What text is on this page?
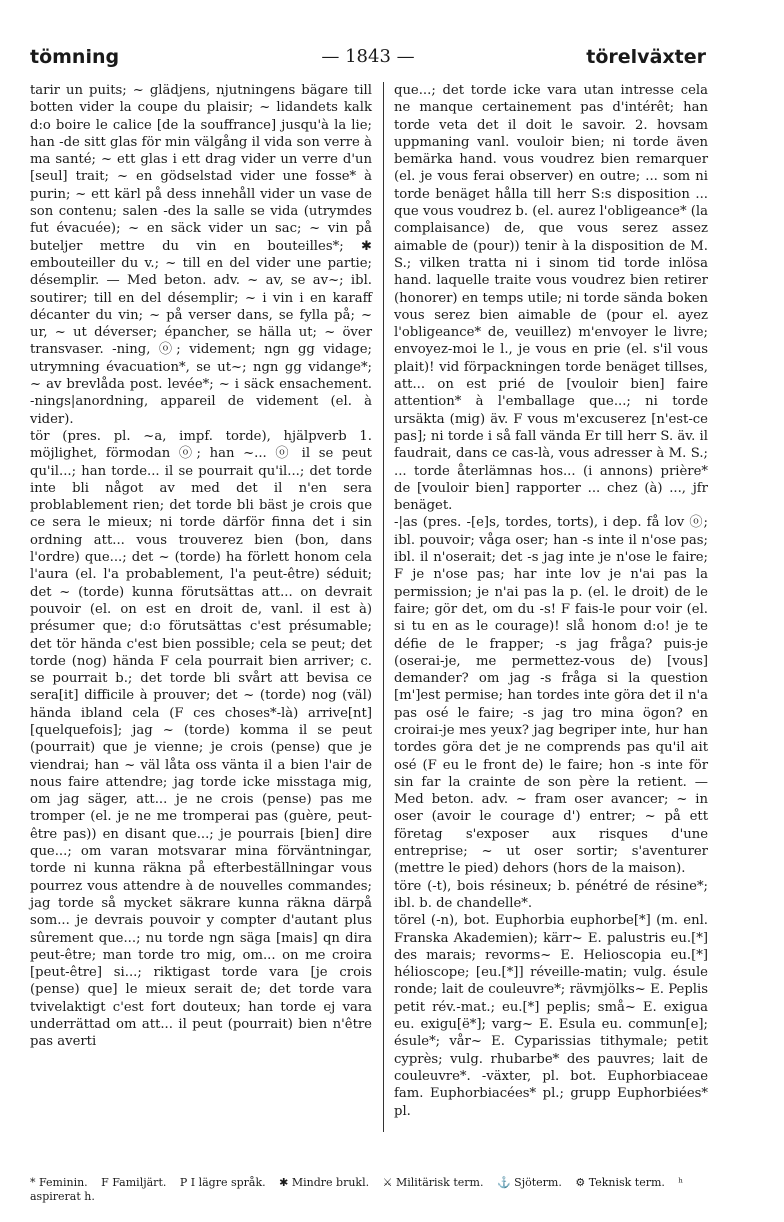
tömning	— 1843 —	törelväxter

tarir un puits; ~ glädjens, njutningens bägare till botten vider la coupe du plaisir; ~ lidandets kalk d:o boire le calice [de la souffrance] jusqu'à la lie; han -de sitt glas för min välgång il vida son verre à ma santé; ~ ett glas i ett drag vider un verre d'un [seul] trait; ~ en gödselstad vider une fosse* à purin; ~ ett kärl på dess innehåll vider un vase de son contenu; salen -des la salle se vida (utrymdes fut évacuée); ~ en säck vider un sac; ~ vin på buteljer mettre du vin en bouteilles*; ✱ embouteiller du v.; ~ till en del vider une partie; désemplir. — Med beton. adv. ~ av, se av~; ibl. soutirer; till en del désemplir; ~ i vin i en karaff décanter du vin; ~ på verser dans, se fylla på; ~ ur, ~ ut déverser; épancher, se hälla ut; ~ över transvaser. -ning, ⓞ; videment; ngn gg vidage; utrymning évacuation*, se ut~; ngn gg vidange*; ~ av brevlåda post. levée*; ~ i säck ensachement. -nings|anordning, appareil de videment (el. à vider).

tör (pres. pl. ~a, impf. torde), hjälpverb 1. möjlighet, förmodan ⓞ; han ~... ⓞ il se peut qu'il...; han torde... il se pourrait qu'il...; det torde inte bli något av med det il n'en sera problablement rien; det torde bli bäst je crois que ce sera le mieux; ni torde därför finna det i sin ordning att... vous trouverez bien (bon, dans l'ordre) que...; det ~ (torde) ha förlett honom cela l'aura (el. l'a probablement, l'a peut-être) séduit; det ~ (torde) kunna förutsättas att... on devrait pouvoir (el. on est en droit de, vanl. il est à) présumer que; d:o förutsättas c'est présumable; det tör hända c'est bien possible; cela se peut; det torde (nog) hända F cela pourrait bien arriver; c. se pourrait b.; det torde bli svårt att bevisa ce sera[it] difficile à prouver; det ~ (torde) nog (väl) hända ibland cela (F ces choses*-là) arrive[nt] [quelquefois]; jag ~ (torde) komma il se peut (pourrait) que je vienne; je crois (pense) que je viendrai; han ~ väl låta oss vänta il a bien l'air de nous faire attendre; jag torde icke misstaga mig, om jag säger, att... je ne crois (pense) pas me tromper (el. je ne me tromperai pas (guère, peut-être pas)) en disant que...; je pourrais [bien] dire que...; om varan motsvarar mina förväntningar, torde ni kunna räkna på efterbeställningar vous pourrez vous attendre à de nouvelles commandes; jag torde så mycket säkrare kunna räkna därpå som... je devrais pouvoir y compter d'autant plus sûrement que...; nu torde ngn säga [mais] qn dira peut-être; man torde tro mig, om... on me croira [peut-être] si...; riktigast torde vara [je crois (pense) que] le mieux serait de; det torde vara tvivelaktigt c'est fort douteux; han torde ej vara underrättad om att... il peut (pourrait) bien n'être pas averti

que...; det torde icke vara utan intresse cela ne manque certainement pas d'intérêt; han torde veta det il doit le savoir. 2. hovsam uppmaning vanl. vouloir bien; ni torde även bemärka hand. vous voudrez bien remarquer (el. je vous ferai observer) en outre; ... som ni torde benäget hålla till herr S:s disposition ... que vous voudrez b. (el. aurez l'obligeance* (la complaisance) de, que vous serez assez aimable de (pour)) tenir à la disposition de M. S.; vilken tratta ni i sinom tid torde inlösa hand. laquelle traite vous voudrez bien retirer (honorer) en temps utile; ni torde sända boken vous serez bien aimable de (pour el. ayez l'obligeance* de, veuillez) m'envoyer le livre; envoyez-moi le l., je vous en prie (el. s'il vous plait)! vid förpackningen torde benäget tillses, att... on est prié de [vouloir bien] faire attention* à l'emballage que...; ni torde ursäkta (mig) äv. F vous m'excuserez [n'est-ce pas]; ni torde i så fall vända Er till herr S. äv. il faudrait, dans ce cas-là, vous adresser à M. S.; ... torde återlämnas hos... (i annons) prière* de [vouloir bien] rapporter ... chez (à) ..., jfr benäget.

-|as (pres. -[e]s, tordes, torts), i dep. få lov ⓞ; ibl. pouvoir; våga oser; han -s inte il n'ose pas; ibl. il n'oserait; det -s jag inte je n'ose le faire; F je n'ose pas; har inte lov je n'ai pas la permission; je n'ai pas la p. (el. le droit) de le faire; gör det, om du -s! F fais-le pour voir (el. si tu en as le courage)! slå honom d:o! je te défie de le frapper; -s jag fråga? puis-je (oserai-je, me permettez-vous de) [vous] demander? om jag -s fråga si la question [m']est permise; han tordes inte göra det il n'a pas osé le faire; -s jag tro mina ögon? en croirai-je mes yeux? jag begriper inte, hur han tordes göra det je ne comprends pas qu'il ait osé (F eu le front de) le faire; hon -s inte för sin far la crainte de son père la retient. — Med beton. adv. ~ fram oser avancer; ~ in oser (avoir le courage d') entrer; ~ på ett företag s'exposer aux risques d'une entreprise; ~ ut oser sortir; s'aventurer (mettre le pied) dehors (hors de la maison).

töre (-t), bois résineux; b. pénétré de résine*; ibl. b. de chandelle*.

törel (-n), bot. Euphorbia euphorbe[*] (m. enl. Franska Akademien); kärr~ E. palustris eu.[*] des marais; revorms~ E. Helioscopia eu.[*] hélioscope; [eu.[*]] réveille-matin; vulg. ésule ronde; lait de couleuvre*; rävmjölks~ E. Peplis petit rév.-mat.; eu.[*] peplis; små~ E. exigua eu. exigu[ë*]; varg~ E. Esula eu. commun[e]; ésule*; vår~ E. Cyparissias tithymale; petit cyprès; vulg. rhubarbe* des pauvres; lait de couleuvre*. -växter, pl. bot. Euphorbiaceae fam. Euphorbiacées* pl.; grupp Euphorbiées* pl.

* Feminin. F Familjärt. P I lägre språk. ✱ Mindre brukl. ⚔ Militärisk term. ⚓ Sjöterm. ⚙ Teknisk term. ʰ aspirerat h.
